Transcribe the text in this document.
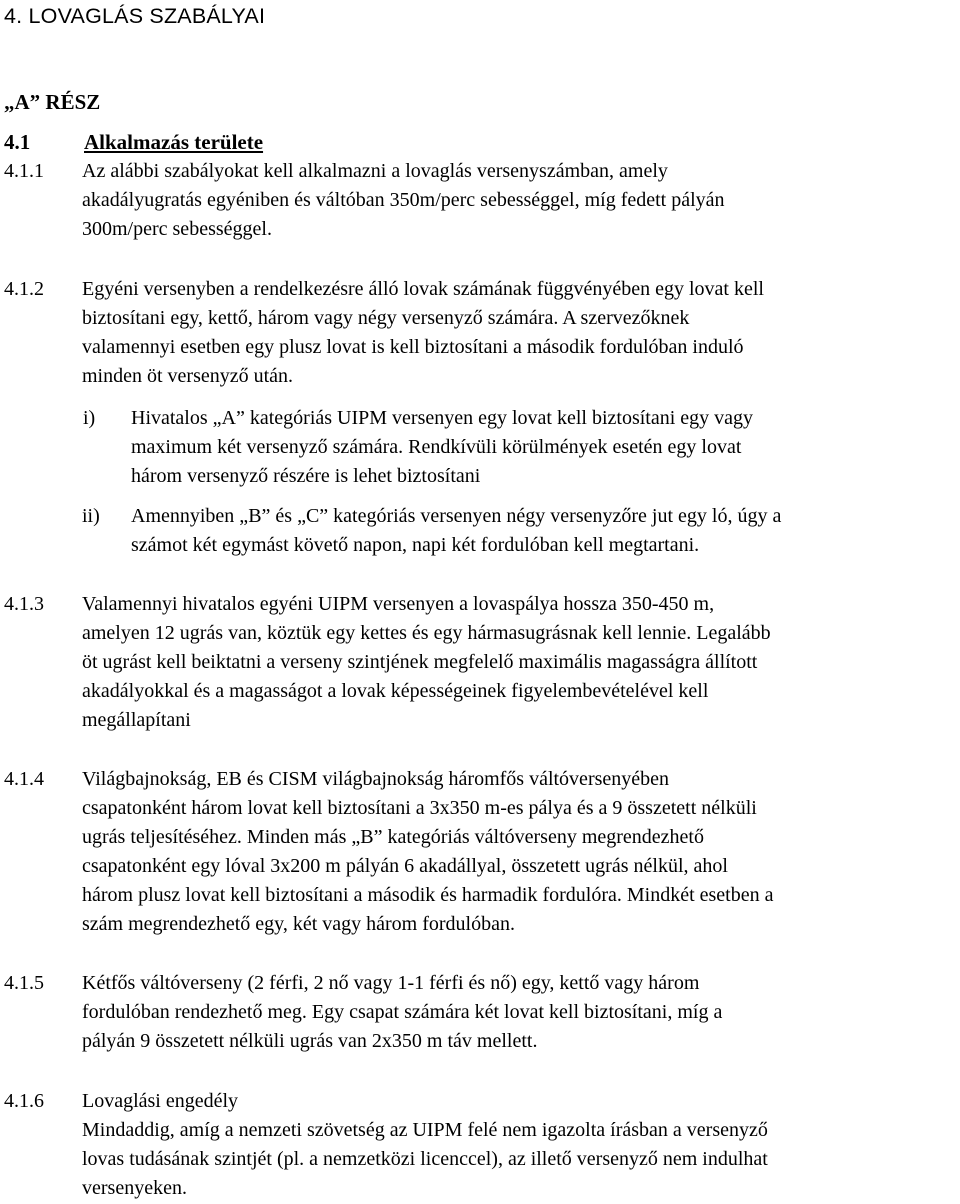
4. LOVAGLÁS SZABÁLYAI
„A” RÉSZ
4.1	Alkalmazás területe
4.1.1 Az alábbi szabályokat kell alkalmazni a lovaglás versenyszámban, amely
akadályugratás egyéniben és váltóban 350m/perc sebességgel, míg fedett pályán
300m/perc sebességgel.
4.1.2 Egyéni versenyben a rendelkezésre álló lovak számának függvényében egy lovat kell
biztosítani egy, kettő, három vagy négy versenyző számára. A szervezőknek
valamennyi esetben egy plusz lovat is kell biztosítani a második fordulóban induló
minden öt versenyző után.
i) Hivatalos „A” kategóriás UIPM versenyen egy lovat kell biztosítani egy vagy
maximum két versenyző számára. Rendkívüli körülmények esetén egy lovat
három versenyző részére is lehet biztosítani
ii) Amennyiben „B” és „C” kategóriás versenyen négy versenyzőre jut egy ló, úgy a
számot két egymást követő napon, napi két fordulóban kell megtartani.
4.1.3 Valamennyi hivatalos egyéni UIPM versenyen a lovaspálya hossza 350-450 m,
amelyen 12 ugrás van, köztük egy kettes és egy hármasugrásnak kell lennie. Legalább
öt ugrást kell beiktatni a verseny szintjének megfelelő maximális magasságra állított
akadályokkal és a magasságot a lovak képességeinek figyelembevételével kell
megállapítani
4.1.4 Világbajnokság, EB és CISM világbajnokság háromfős váltóversenyében
csapatonként három lovat kell biztosítani a 3x350 m-es pálya és a 9 összetett nélküli
ugrás teljesítéséhez. Minden más „B” kategóriás váltóverseny megrendezhető
csapatonként egy lóval 3x200 m pályán 6 akadállyal, összetett ugrás nélkül, ahol
három plusz lovat kell biztosítani a második és harmadik fordulóra. Mindkét esetben a
szám megrendezhető egy, két vagy három fordulóban.
4.1.5 Kétfős váltóverseny (2 férfi, 2 nő vagy 1-1 férfi és nő) egy, kettő vagy három
fordulóban rendezhető meg. Egy csapat számára két lovat kell biztosítani, míg a
pályán 9 összetett nélküli ugrás van 2x350 m táv mellett.
4.1.6 Lovaglási engedély
Mindaddig, amíg a nemzeti szövetség az UIPM felé nem igazolta írásban a versenyző
lovas tudásának szintjét (pl. a nemzetközi licenccel), az illető versenyző nem indulhat
versenyeken.
